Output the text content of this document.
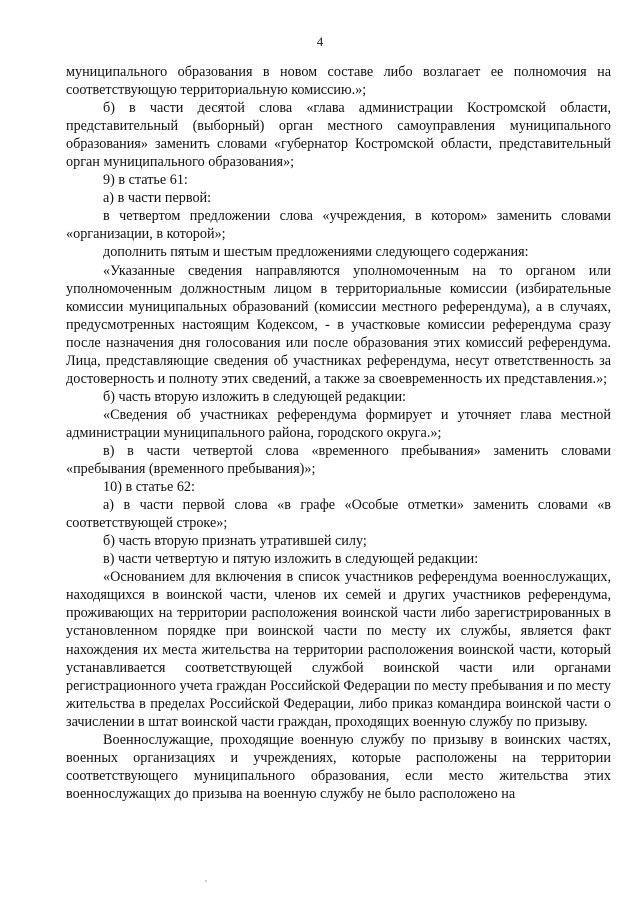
4

муниципального образования в новом составе либо возлагает ее полномочия на соответствующую территориальную комиссию.»;

б) в части десятой слова «глава администрации Костромской области, представительный (выборный) орган местного самоуправления муниципального образования» заменить словами «губернатор Костромской области, представительный орган муниципального образования»;

9) в статье 61:

а) в части первой:

в четвертом предложении слова «учреждения, в котором» заменить словами «организации, в которой»;

дополнить пятым и шестым предложениями следующего содержания:

«Указанные сведения направляются уполномоченным на то органом или уполномоченным должностным лицом в территориальные комиссии (избирательные комиссии муниципальных образований (комиссии местного референдума), а в случаях, предусмотренных настоящим Кодексом, - в участковые комиссии референдума сразу после назначения дня голосования или после образования этих комиссий референдума. Лица, представляющие сведения об участниках референдума, несут ответственность за достоверность и полноту этих сведений, а также за своевременность их представления.»;

б) часть вторую изложить в следующей редакции:

«Сведения об участниках референдума формирует и уточняет глава местной администрации муниципального района, городского округа.»;

в) в части четвертой слова «временного пребывания» заменить словами «пребывания (временного пребывания)»;

10) в статье 62:

а) в части первой слова «в графе «Особые отметки» заменить словами «в соответствующей строке»;

б) часть вторую признать утратившей силу;

в) части четвертую и пятую изложить в следующей редакции:

«Основанием для включения в список участников референдума военнослужащих, находящихся в воинской части, членов их семей и других участников референдума, проживающих на территории расположения воинской части либо зарегистрированных в установленном порядке при воинской части по месту их службы, является факт нахождения их места жительства на территории расположения воинской части, который устанавливается соответствующей службой воинской части или органами регистрационного учета граждан Российской Федерации по месту пребывания и по месту жительства в пределах Российской Федерации, либо приказ командира воинской части о зачислении в штат воинской части граждан, проходящих военную службу по призыву.

Военнослужащие, проходящие военную службу по призыву в воинских частях, военных организациях и учреждениях, которые расположены на территории соответствующего муниципального образования, если место жительства этих военнослужащих до призыва на военную службу не было расположено на
